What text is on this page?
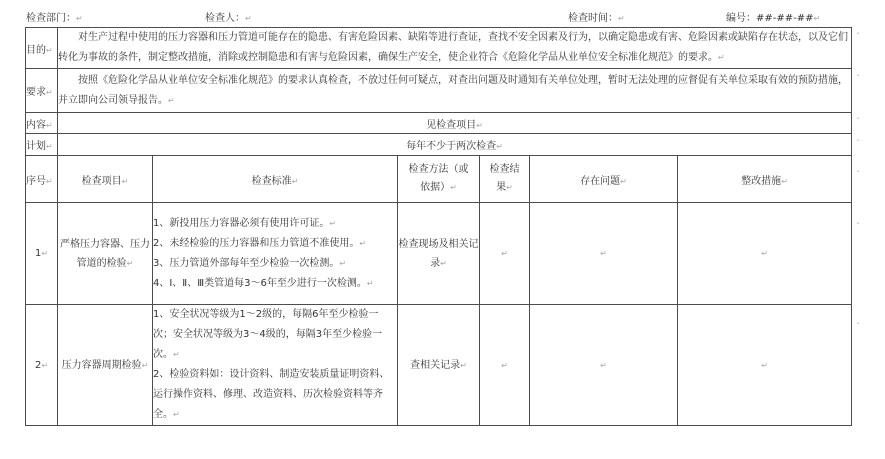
检查部门：↵	检查人：↵	检查时间：↵	编号：##-##-##↵
目的↵	对生产过程中使用的压力容器和压力管道可能存在的隐患、有害危险因素、缺陷等进行查证，查找不安全因素及行为，以确定隐患或有害、危险因素或缺陷存在状态，以及它们转化为事故的条件，制定整改措施，消除或控制隐患和有害与危险因素，确保生产安全，使企业符合《危险化学品从业单位安全标准化规范》的要求。↵					
要求↵	按照《危险化学品从业单位安全标准化规范》的要求认真检查，不放过任何可疑点，对查出问题及时通知有关单位处理，暂时无法处理的应督促有关单位采取有效的预防措施，并立即向公司领导报告。↵					
内容↵	见检查项目↵					
计划↵	每年不少于两次检查↵					
序号↵	检查项目↵	检查标准↵	检查方法（或依据）↵	检查结果↵	存在问题↵	整改措施↵
1↵	严格压力容器、压力管道的检验↵	1、新投用压力容器必须有使用许可证。↵
2、未经检验的压力容器和压力管道不准使用。↵
3、压力管道外部每年至少检验一次检测。↵
4、Ⅰ、Ⅱ、Ⅲ类管道每3～6年至少进行一次检测。↵	检查现场及相关记录↵	↵	↵	↵
2↵	压力容器周期检验↵	1、安全状况等级为1～2级的，每隔6年至少检验一次；安全状况等级为3～4级的，每隔3年至少检验一次。↵
2、检验资料如：设计资料、制造安装质量证明资料、运行操作资料、修理、改造资料、历次检验资料等齐全。↵	查相关记录↵	↵	↵	↵
ˇ
ˇ
ˇ
ˇ
ˇ
ˇ
ˇ
